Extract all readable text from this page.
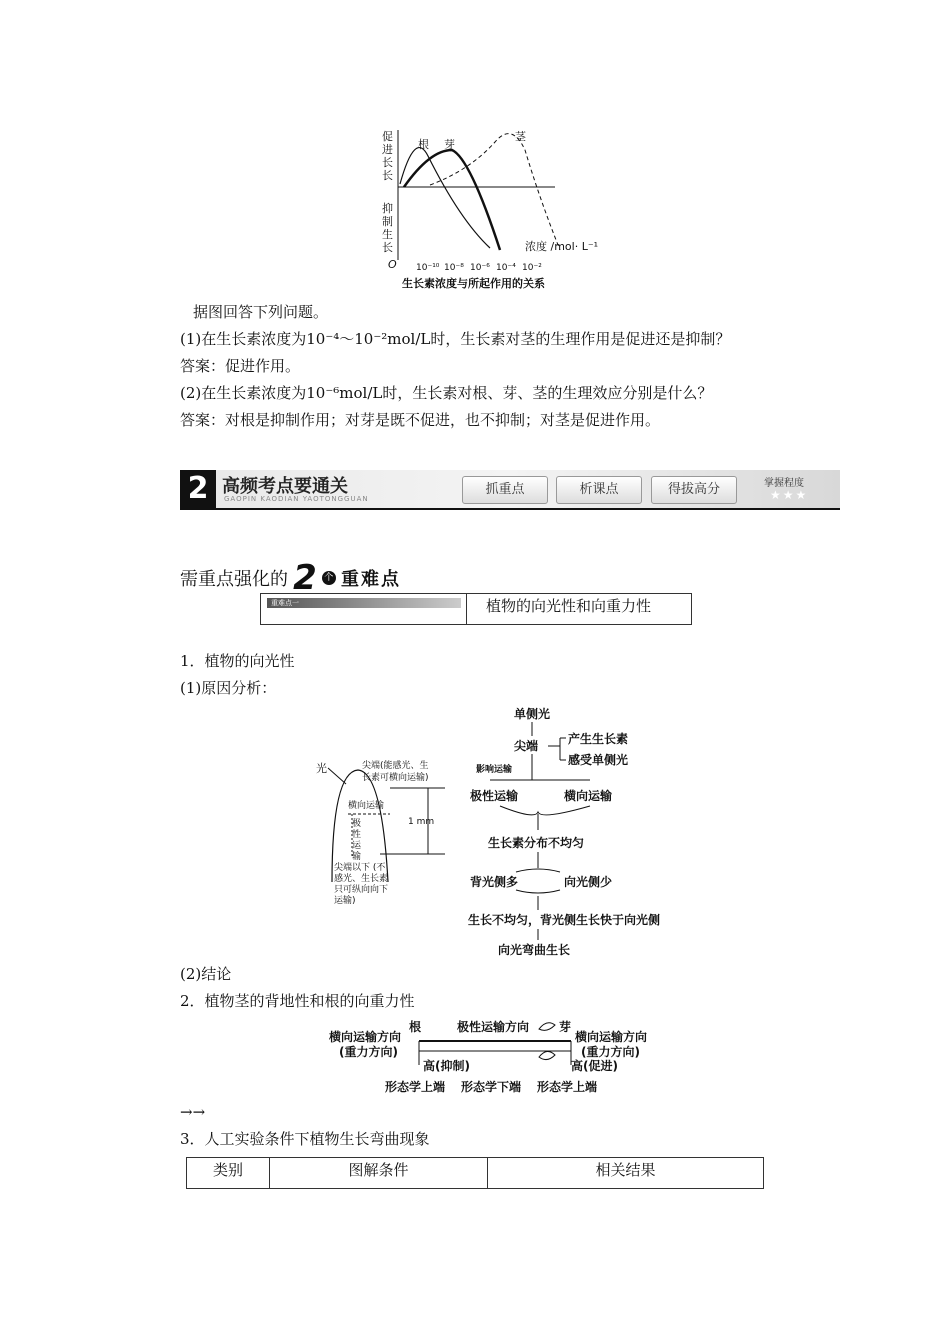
促
进
长
长
抑
制
生
长
O
根 芽
茎
浓度 /mol· L⁻¹
10⁻¹⁰ 10⁻⁸ 10⁻⁶ 10⁻⁴ 10⁻²
生长素浓度与所起作用的关系
据图回答下列问题。
(1)在生长素浓度为10⁻⁴～10⁻²mol/L时，生长素对茎的生理作用是促进还是抑制？
答案：促进作用。
(2)在生长素浓度为10⁻⁶mol/L时，生长素对根、芽、茎的生理效应分别是什么？
答案：对根是抑制作用；对芽是既不促进，也不抑制；对茎是促进作用。
2 高频考点要通关
GAOPIN KAODIAN YAOTONGGUAN
抓重点	析课点	得拔高分	掌握程度
★★★
需重点强化的 2 个 重难点
重难点一	植物的向光性和向重力性
1．植物的向光性
(1)原因分析：
光	尖端(能感光、生
长素可横向运输)
横向运输
极
性
运
输
1 mm
尖端以下 (不
感光、生长素
只可纵向向下
运输)
单侧光
尖端 产生生长素
感受单侧光
影响运输
极性运输	横向运输
生长素分布不均匀
背光侧多	向光侧少
生长不均匀，背光侧生长快于向光侧
向光弯曲生长
(2)结论
2．植物茎的背地性和根的向重力性
根	极性运输方向 芽
横向运输方向
(重力方向)
横向运输方向
(重力方向)
高(抑制)	高(促进)
形态学上端 形态学下端 形态学上端
→→
3．人工实验条件下植物生长弯曲现象
类别	图解条件	相关结果
